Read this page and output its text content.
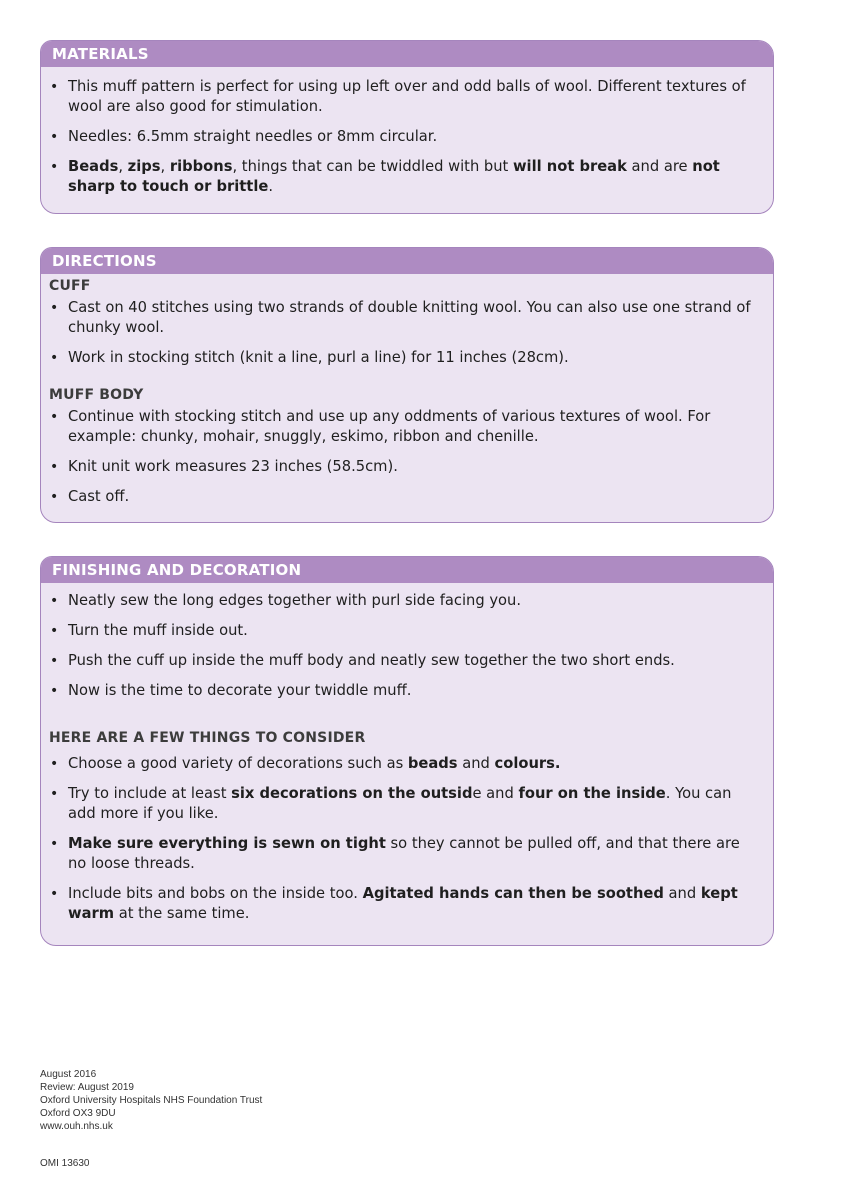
MATERIALS
• This muff pattern is perfect for using up left over and odd balls of wool. Different textures of wool are also good for stimulation.
• Needles: 6.5mm straight needles or 8mm circular.
• Beads, zips, ribbons, things that can be twiddled with but will not break and are not sharp to touch or brittle.
DIRECTIONS
CUFF
• Cast on 40 stitches using two strands of double knitting wool. You can also use one strand of chunky wool.
• Work in stocking stitch (knit a line, purl a line) for 11 inches (28cm).
MUFF BODY
• Continue with stocking stitch and use up any oddments of various textures of wool. For example: chunky, mohair, snuggly, eskimo, ribbon and chenille.
• Knit unit work measures 23 inches (58.5cm).
• Cast off.
FINISHING AND DECORATION
• Neatly sew the long edges together with purl side facing you.
• Turn the muff inside out.
• Push the cuff up inside the muff body and neatly sew together the two short ends.
• Now is the time to decorate your twiddle muff.
HERE ARE A FEW THINGS TO CONSIDER
• Choose a good variety of decorations such as beads and colours.
• Try to include at least six decorations on the outside and four on the inside. You can add more if you like.
• Make sure everything is sewn on tight so they cannot be pulled off, and that there are no loose threads.
• Include bits and bobs on the inside too. Agitated hands can then be soothed and kept warm at the same time.
August 2016
Review: August 2019
Oxford University Hospitals NHS Foundation Trust
Oxford OX3 9DU
www.ouh.nhs.uk
OMI 13630
